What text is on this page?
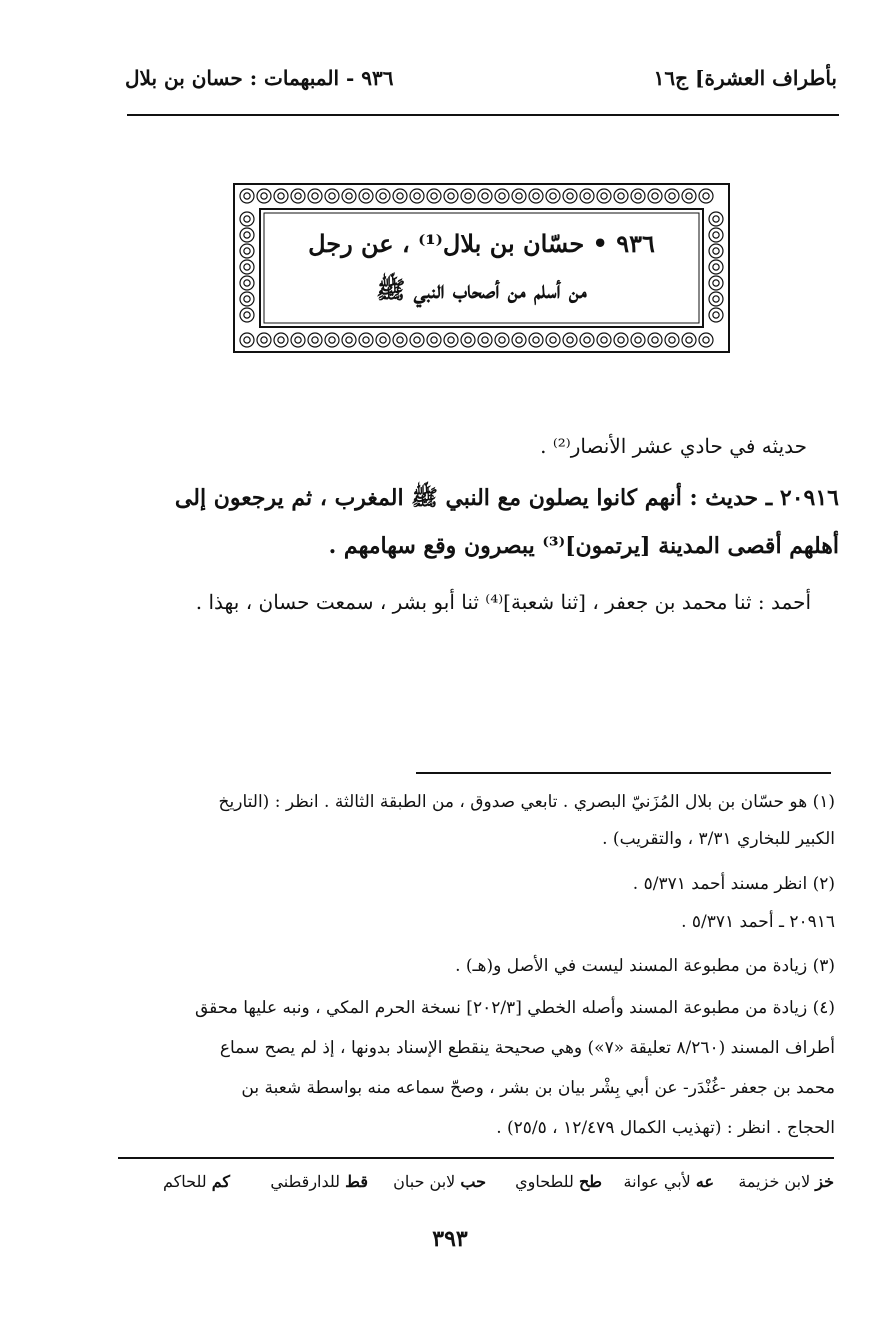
بأطراف العشرة] ج١٦
٩٣٦ - المبهمات : حسان بن بلال
٩٣٦ • حسّان بن بلال⁽¹⁾ ، عن رجل
من أسلم من أصحاب النبي ﷺ
حديثه في حادي عشر الأنصار⁽²⁾ .
٢٠٩١٦ ـ حديث : أنهم كانوا يصلون مع النبي ﷺ المغرب ، ثم يرجعون إلى
أهلهم أقصى المدينة [يرتمون]⁽³⁾ يبصرون وقع سهامهم .
أحمد : ثنا محمد بن جعفر ، [ثنا شعبة]⁽⁴⁾ ثنا أبو بشر ، سمعت حسان ، بهذا .
(١) هو حسّان بن بلال المُزَنيّ البصري . تابعي صدوق ، من الطبقة الثالثة . انظر : (التاريخ
الكبير للبخاري ٣/٣١ ، والتقريب) .
(٢) انظر مسند أحمد ٥/٣٧١ .
٢٠٩١٦ ـ أحمد ٥/٣٧١ .
(٣) زيادة من مطبوعة المسند ليست في الأصل و(هـ) .
(٤) زيادة من مطبوعة المسند وأصله الخطي [٢٠٢/٣] نسخة الحرم المكي ، ونبه عليها محقق
أطراف المسند (٨/٢٦٠ تعليقة «٧») وهي صحيحة ينقطع الإسناد بدونها ، إذ لم يصح سماع
محمد بن جعفر -غُنْدَر- عن أبي بِشْر بيان بن بشر ، وصحّ سماعه منه بواسطة شعبة بن
الحجاج . انظر : (تهذيب الكمال ١٢/٤٧٩ ، ٢٥/٥) .
خز لابن خزيمة
عه لأبي عوانة
طح للطحاوي
حب لابن حبان
قط للدارقطني
كم للحاكم
٣٩٣
